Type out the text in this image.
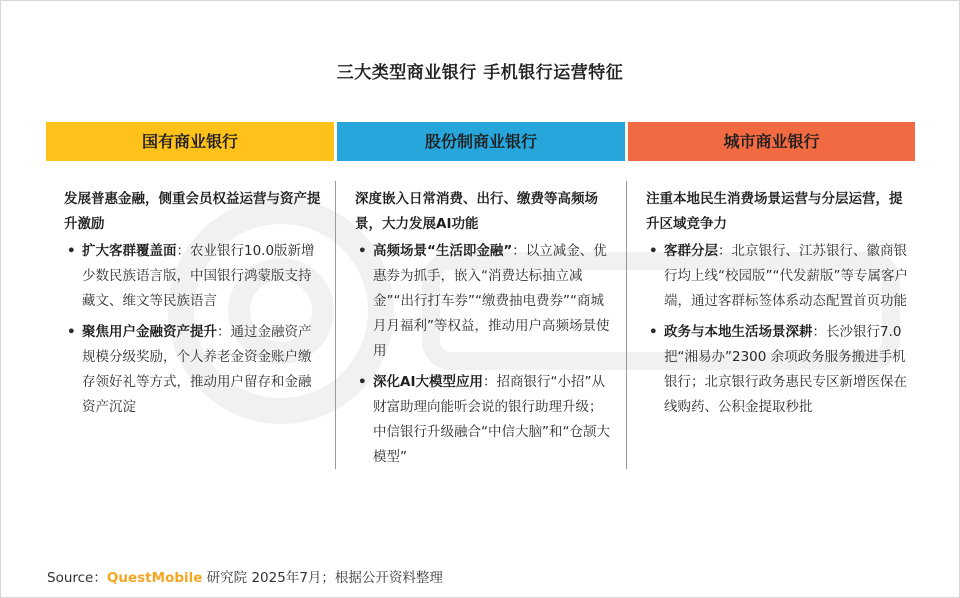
三大类型商业银行 手机银行运营特征
国有商业银行	股份制商业银行	城市商业银行
发展普惠金融，侧重会员权益运营与资产提升激励
• 扩大客群覆盖面：农业银行10.0版新增少数民族语言版，中国银行鸿蒙版支持藏文、维文等民族语言
• 聚焦用户金融资产提升：通过金融资产规模分级奖励，个人养老金资金账户缴存领好礼等方式，推动用户留存和金融资产沉淀
深度嵌入日常消费、出行、缴费等高频场景，大力发展AI功能
• 高频场景“生活即金融”：以立减金、优惠券为抓手，嵌入“消费达标抽立减金”“出行打车券”“缴费抽电费券”“商城月月福利”等权益，推动用户高频场景使用
• 深化AI大模型应用：招商银行“小招”从财富助理向能听会说的银行助理升级；中信银行升级融合“中信大脑”和“仓颉大模型”
注重本地民生消费场景运营与分层运营，提升区域竞争力
• 客群分层：北京银行、江苏银行、徽商银行均上线“校园版”“代发薪版”等专属客户端，通过客群标签体系动态配置首页功能
• 政务与本地生活场景深耕：长沙银行7.0把“湘易办”2300 余项政务服务搬进手机银行；北京银行政务惠民专区新增医保在线购药、公积金提取秒批
Source：QuestMobile 研究院 2025年7月；根据公开资料整理
